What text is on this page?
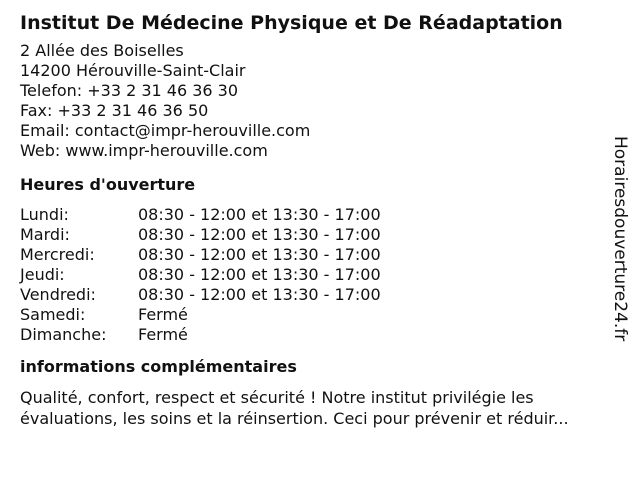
Institut De Médecine Physique et De Réadaptation
2 Allée des Boiselles
14200 Hérouville-Saint-Clair
Telefon: +33 2 31 46 36 30
Fax: +33 2 31 46 36 50
Email: contact@impr-herouville.com
Web: www.impr-herouville.com
Heures d'ouverture
Lundi:	08:30 - 12:00 et 13:30 - 17:00
Mardi:	08:30 - 12:00 et 13:30 - 17:00
Mercredi:	08:30 - 12:00 et 13:30 - 17:00
Jeudi:	08:30 - 12:00 et 13:30 - 17:00
Vendredi:	08:30 - 12:00 et 13:30 - 17:00
Samedi:	Fermé
Dimanche:	Fermé
informations complémentaires
Qualité, confort, respect et sécurité ! Notre institut privilégie les évaluations, les soins et la réinsertion. Ceci pour prévenir et réduir...
Horairesdouverture24.fr
